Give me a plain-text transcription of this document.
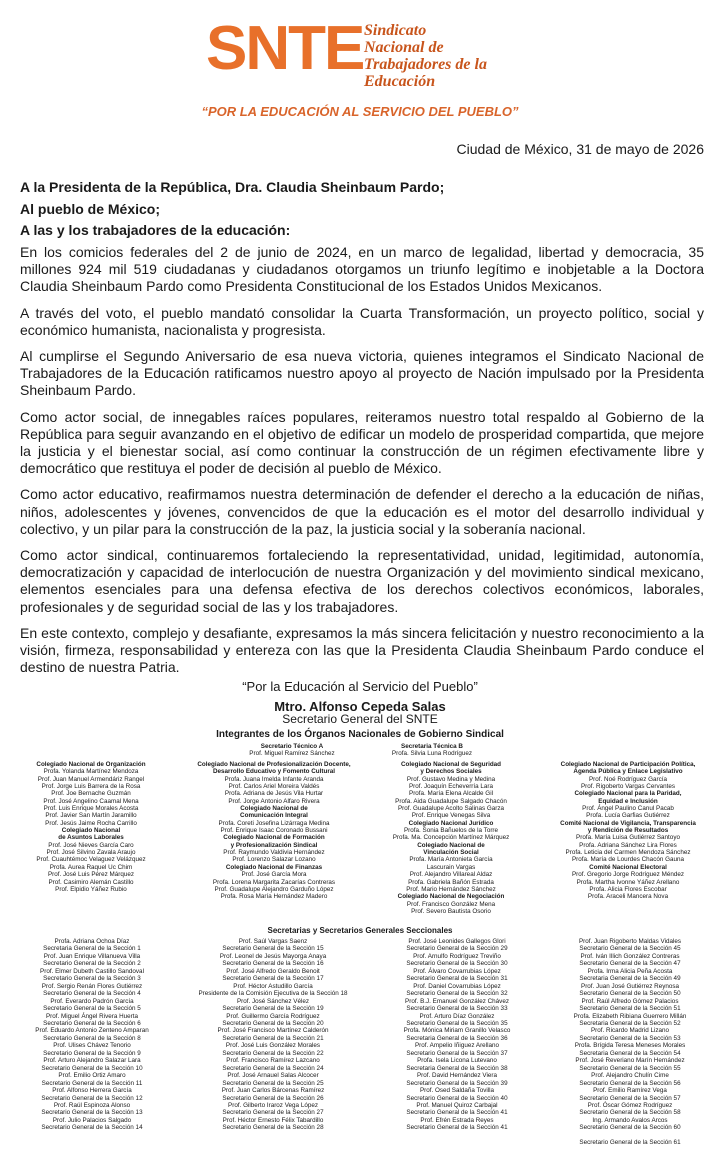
SNTE Sindicato
Nacional de
Trabajadores de la
Educación
“POR LA EDUCACIÓN AL SERVICIO DEL PUEBLO”
Ciudad de México, 31 de mayo de 2026
A la Presidenta de la República, Dra. Claudia Sheinbaum Pardo;
Al pueblo de México;
A las y los trabajadores de la educación:

En los comicios federales del 2 de junio de 2024, en un marco de legalidad, libertad y democracia, 35 millones 924 mil 519 ciudadanas y ciudadanos otorgamos un triunfo legítimo e inobjetable a la Doctora Claudia Sheinbaum Pardo como Presidenta Constitucional de los Estados Unidos Mexicanos.

A través del voto, el pueblo mandató consolidar la Cuarta Transformación, un proyecto político, social y económico humanista, nacionalista y progresista.

Al cumplirse el Segundo Aniversario de esa nueva victoria, quienes integramos el Sindicato Nacional de Trabajadores de la Educación ratificamos nuestro apoyo al proyecto de Nación impulsado por la Presidenta Sheinbaum Pardo.

Como actor social, de innegables raíces populares, reiteramos nuestro total respaldo al Gobierno de la República para seguir avanzando en el objetivo de edificar un modelo de prosperidad compartida, que mejore la justicia y el bienestar social, así como continuar la construcción de un régimen efectivamente libre y democrático que restituya el poder de decisión al pueblo de México.

Como actor educativo, reafirmamos nuestra determinación de defender el derecho a la educación de niñas, niños, adolescentes y jóvenes, convencidos de que la educación es el motor del desarrollo individual y colectivo, y un pilar para la construcción de la paz, la justicia social y la soberanía nacional.

Como actor sindical, continuaremos fortaleciendo la representatividad, unidad, legitimidad, autonomía, democratización y capacidad de interlocución de nuestra Organización y del movimiento sindical mexicano, elementos esenciales para una defensa efectiva de los derechos colectivos económicos, laborales, profesionales y de seguridad social de las y los trabajadores.

En este contexto, complejo y desafiante, expresamos la más sincera felicitación y nuestro reconocimiento a la visión, firmeza, responsabilidad y entereza con las que la Presidenta Claudia Sheinbaum Pardo conduce el destino de nuestra Patria.

“Por la Educación al Servicio del Pueblo”
Mtro. Alfonso Cepeda Salas
Secretario General del SNTE
Integrantes de los Órganos Nacionales de Gobierno Sindical
Secretario Técnico A
Prof. Miguel Ramírez Sánchez
Secretaria Técnica B
Profa. Silvia Luna Rodríguez
Colegiado Nacional de Organización
Profa. Yolanda Martínez Mendoza
Prof. Juan Manuel Armendáriz Rangel
Prof. Jorge Luis Barrera de la Rosa
Prof. Joe Bernache Guzmán
Prof. José Angelino Caamal Mena
Prof. Luis Enrique Morales Acosta
Prof. Javier San Martín Jaramillo
Prof. Jesús Jaime Rocha Carrillo
Colegiado Nacional
de Asuntos Laborales
Prof. José Nieves García Caro
Prof. José Silvino Zavala Araujo
Prof. Cuauhtémoc Velaguez Velázquez
Profa. Aurea Raquel Uc Chim
Prof. José Luis Pérez Márquez
Prof. Casimiro Alemán Castillo
Prof. Elpidio Yáñez Rubio
Colegiado Nacional de Profesionalización Docente,
Desarrollo Educativo y Fomento Cultural
Profa. Juana Imelda Infante Aranda
Prof. Carlos Ariel Moreira Valdés
Profa. Adriana de Jesús Vila Hurtar
Prof. Jorge Antonio Alfaro Rivera
Colegiado Nacional de
Comunicación Integral
Profa. Coreti Josefina Lizárraga Medina
Prof. Enrique Isaac Coronado Bussani
Colegiado Nacional de Formación
y Profesionalización Sindical
Prof. Raymundo Valdivia Hernández
Prof. Lorenzo Salazar Lozano
Colegiado Nacional de Finanzas
Prof. José García Mora
Profa. Lorena Margarita Zacarías Contreras
Prof. Guadalupe Alejandro Garduño López
Profa. Rosa María Hernández Madero
Colegiado Nacional de Seguridad
y Derechos Sociales
Prof. Gustavo Medina y Medina
Prof. Joaquín Echeverría Lara
Profa. María Elena Alcalde Gil
Profa. Aida Guadalupe Salgado Chacón
Prof. Guadalupe Acolto Salinas Garza
Prof. Enrique Venegas Silva
Colegiado Nacional Jurídico
Profa. Sonia Bañuelos de la Torre
Profa. Ma. Concepción Martínez Márquez
Colegiado Nacional de
Vinculación Social
Profa. María Antonieta García
Lascurain Vargas
Prof. Alejandro Villareal Aldaz
Profa. Gabriela Bañón Estrada
Prof. Mario Hernández Sánchez
Colegiado Nacional de Negociación
Prof. Francisco González Mena
Prof. Severo Bautista Osorio
Colegiado Nacional de Participación Política,
Agenda Pública y Enlace Legislativo
Prof. Noé Rodríguez García
Prof. Rigoberto Vargas Cervantes
Colegiado Nacional para la Paridad,
Equidad e Inclusión
Prof. Ángel Paulino Canul Pacab
Profa. Lucía Garfias Gutiérrez
Comité Nacional de Vigilancia, Transparencia
y Rendición de Resultados
Profa. María Luisa Gutiérrez Santoyo
Profa. Adriana Sánchez Lira Flores
Profa. Leticia del Carmen Mendoza Sánchez
Profa. María de Lourdes Chacón Gauna
Comité Nacional Electoral
Prof. Gregorio Jorge Rodríguez Méndez
Profa. Martha Ivonne Yáñez Arellano
Profa. Alicia Flores Escobar
Profa. Araceli Mancera Nova
Secretarias y Secretarios Generales Seccionales
Profa. Adriana Ochoa Díaz
Secretaria General de la Sección 1
Prof. Juan Enrique Villanueva Villa
Secretario General de la Sección 2
Prof. Elmer Dubeth Castillo Sandoval
Secretario General de la Sección 3
Prof. Sergio Renán Flores Gutiérrez
Secretario General de la Sección 4
Prof. Everardo Padrón García
Secretario General de la Sección 5
Prof. Miguel Ángel Rivera Huerta
Secretario General de la Sección 6
Prof. Eduardo Antonio Zenteno Amparan
Secretario General de la Sección 8
Prof. Ulises Chávez Tenorio
Secretario General de la Sección 9
Prof. Arturo Alejandro Salazar Lara
Secretario General de la Sección 10
Prof. Emilio Ortiz Amaro
Secretario General de la Sección 11
Prof. Alfonso Herrera García
Secretario General de la Sección 12
Prof. Raúl Espinoza Alonso
Secretario General de la Sección 13
Prof. Julio Palacios Salgado
Secretario General de la Sección 14
Prof. Saúl Vargas Saenz
Secretario General de la Sección 15
Prof. Leonel de Jesús Mayorga Anaya
Secretario General de la Sección 16
Prof. José Alfredo Geraldo Benoit
Secretario General de la Sección 17
Prof. Héctor Astudillo García
Presidente de la Comisión Ejecutiva de la Sección 18
Prof. José Sánchez Vélez
Secretario General de la Sección 19
Prof. Guillermo García Rodríguez
Secretario General de la Sección 20
Prof. José Francisco Martínez Calderón
Secretario General de la Sección 21
Prof. José Luis González Morales
Secretario General de la Sección 22
Prof. Francisco Ramírez Lazcano
Secretario General de la Sección 24
Prof. José Arnauel Salas Alcocer
Secretario General de la Sección 25
Prof. Juan Carlos Bárcenas Ramírez
Secretario General de la Sección 26
Prof. Gilberto Iraroz Vega López
Secretario General de la Sección 27
Prof. Héctor Ernesto Félix Tabardillo
Secretario General de la Sección 28
Prof. José Leonides Gallegos Glori
Secretario General de la Sección 29
Prof. Arnulfo Rodríguez Treviño
Secretario General de la Sección 30
Prof. Álvaro Covarrubias López
Secretario General de la Sección 31
Prof. Daniel Covarrubias López
Secretario General de la Sección 32
Prof. B.J. Emanuel González Chávez
Secretario General de la Sección 33
Prof. Arturo Díaz González
Secretario General de la Sección 35
Profa. Mónica Miriam Granillo Velasco
Secretaria General de la Sección 36
Prof. Ampelio Iñiguez Arellano
Secretario General de la Sección 37
Profa. Isela Licona Lutevano
Secretaria General de la Sección 38
Prof. David Hernández Viera
Secretario General de la Sección 39
Prof. Osed Saldaña Tovilla
Secretario General de la Sección 40
Prof. Manuel Quiroz Carbajal
Secretario General de la Sección 41
Prof. Efrén Estrada Reyes
Secretario General de la Sección 41
Prof. Juan Rigoberto Maldas Vidales
Secretario General de la Sección 45
Prof. Iván Illich González Contreras
Secretario General de la Sección 47
Profa. Irma Alicia Peña Acosta
Secretaria General de la Sección 49
Prof. Juan José Gutiérrez Reynosa
Secretario General de la Sección 50
Prof. Raúl Alfredo Gómez Palacios
Secretario General de la Sección 51
Profa. Elizabeth Ribiana Guerrero Millán
Secretaria General de la Sección 52
Prof. Ricardo Madrid Lizano
Secretario General de la Sección 53
Profa. Brígida Teresa Meneses Morales
Secretaria General de la Sección 54
Prof. José Reveriano Marín Hernández
Secretario General de la Sección 55
Prof. Alejandro Chulín Cime
Secretario General de la Sección 56
Prof. Emilio Ramírez Vega
Secretario General de la Sección 57
Prof. Óscar Gómez Rodríguez
Secretario General de la Sección 58
Ing. Armando Avalos Arcos
Secretario General de la Sección 60

Secretario General de la Sección 61
